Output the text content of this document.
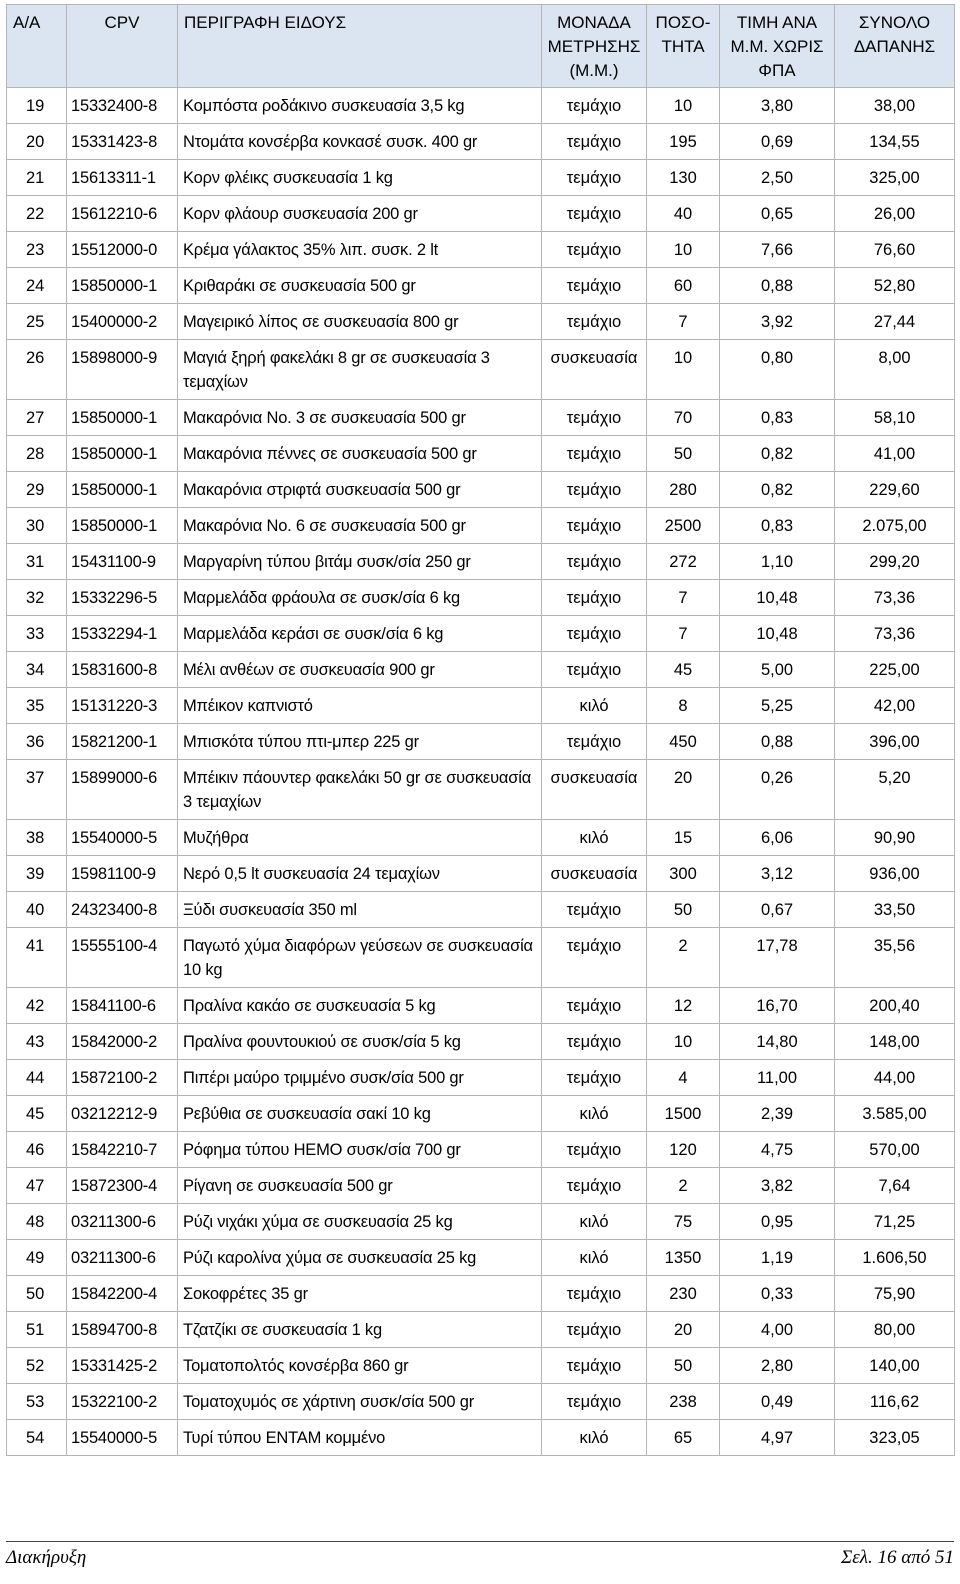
Α/Α	CPV	ΠΕΡΙΓΡΑΦΗ ΕΙΔΟΥΣ	ΜΟΝΑΔΑ ΜΕΤΡΗΣΗΣ (Μ.Μ.)	ΠΟΣΟ-ΤΗΤΑ	ΤΙΜΗ ΑΝΑ Μ.Μ. ΧΩΡΙΣ ΦΠΑ	ΣΥΝΟΛΟ ΔΑΠΑΝΗΣ
19	15332400-8	Κομπόστα ροδάκινο συσκευασία 3,5 kg	τεμάχιο	10	3,80	38,00
20	15331423-8	Ντομάτα κονσέρβα κονκασέ συσκ. 400 gr	τεμάχιο	195	0,69	134,55
21	15613311-1	Κορν φλέικς συσκευασία 1 kg	τεμάχιο	130	2,50	325,00
22	15612210-6	Κορν φλάουρ συσκευασία 200 gr	τεμάχιο	40	0,65	26,00
23	15512000-0	Κρέμα γάλακτος 35% λιπ. συσκ. 2 lt	τεμάχιο	10	7,66	76,60
24	15850000-1	Κριθαράκι σε συσκευασία 500 gr	τεμάχιο	60	0,88	52,80
25	15400000-2	Μαγειρικό λίπος σε συσκευασία 800 gr	τεμάχιο	7	3,92	27,44
26	15898000-9	Μαγιά ξηρή φακελάκι 8 gr σε συσκευασία 3 τεμαχίων	συσκευασία	10	0,80	8,00
27	15850000-1	Μακαρόνια Νο. 3 σε συσκευασία 500 gr	τεμάχιο	70	0,83	58,10
28	15850000-1	Μακαρόνια πέννες σε συσκευασία 500 gr	τεμάχιο	50	0,82	41,00
29	15850000-1	Μακαρόνια στριφτά συσκευασία 500 gr	τεμάχιο	280	0,82	229,60
30	15850000-1	Μακαρόνια Νο. 6 σε συσκευασία 500 gr	τεμάχιο	2500	0,83	2.075,00
31	15431100-9	Μαργαρίνη τύπου βιτάμ συσκ/σία 250 gr	τεμάχιο	272	1,10	299,20
32	15332296-5	Μαρμελάδα φράουλα σε συσκ/σία 6 kg	τεμάχιο	7	10,48	73,36
33	15332294-1	Μαρμελάδα κεράσι σε συσκ/σία 6 kg	τεμάχιο	7	10,48	73,36
34	15831600-8	Μέλι ανθέων σε συσκευασία 900 gr	τεμάχιο	45	5,00	225,00
35	15131220-3	Μπέικον καπνιστό	κιλό	8	5,25	42,00
36	15821200-1	Μπισκότα τύπου πτι-μπερ 225 gr	τεμάχιο	450	0,88	396,00
37	15899000-6	Μπέικιν πάουντερ φακελάκι 50 gr σε συσκευασία 3 τεμαχίων	συσκευασία	20	0,26	5,20
38	15540000-5	Μυζήθρα	κιλό	15	6,06	90,90
39	15981100-9	Νερό 0,5 lt συσκευασία 24 τεμαχίων	συσκευασία	300	3,12	936,00
40	24323400-8	Ξύδι συσκευασία 350 ml	τεμάχιο	50	0,67	33,50
41	15555100-4	Παγωτό χύμα διαφόρων γεύσεων σε συσκευασία 10 kg	τεμάχιο	2	17,78	35,56
42	15841100-6	Πραλίνα κακάο σε συσκευασία 5 kg	τεμάχιο	12	16,70	200,40
43	15842000-2	Πραλίνα φουντουκιού σε συσκ/σία 5 kg	τεμάχιο	10	14,80	148,00
44	15872100-2	Πιπέρι μαύρο τριμμένο συσκ/σία 500 gr	τεμάχιο	4	11,00	44,00
45	03212212-9	Ρεβύθια σε συσκευασία σακί 10 kg	κιλό	1500	2,39	3.585,00
46	15842210-7	Ρόφημα τύπου ΗΕΜΟ συσκ/σία 700 gr	τεμάχιο	120	4,75	570,00
47	15872300-4	Ρίγανη σε συσκευασία 500 gr	τεμάχιο	2	3,82	7,64
48	03211300-6	Ρύζι νιχάκι χύμα σε συσκευασία 25 kg	κιλό	75	0,95	71,25
49	03211300-6	Ρύζι καρολίνα χύμα σε συσκευασία 25 kg	κιλό	1350	1,19	1.606,50
50	15842200-4	Σοκοφρέτες 35 gr	τεμάχιο	230	0,33	75,90
51	15894700-8	Τζατζίκι σε συσκευασία 1 kg	τεμάχιο	20	4,00	80,00
52	15331425-2	Τοματοπολτός κονσέρβα 860 gr	τεμάχιο	50	2,80	140,00
53	15322100-2	Τοματοχυμός σε χάρτινη συσκ/σία 500 gr	τεμάχιο	238	0,49	116,62
54	15540000-5	Τυρί τύπου ΕΝΤΑΜ κομμένο	κιλό	65	4,97	323,05
Διακήρυξη	Σελ. 16 από 51
